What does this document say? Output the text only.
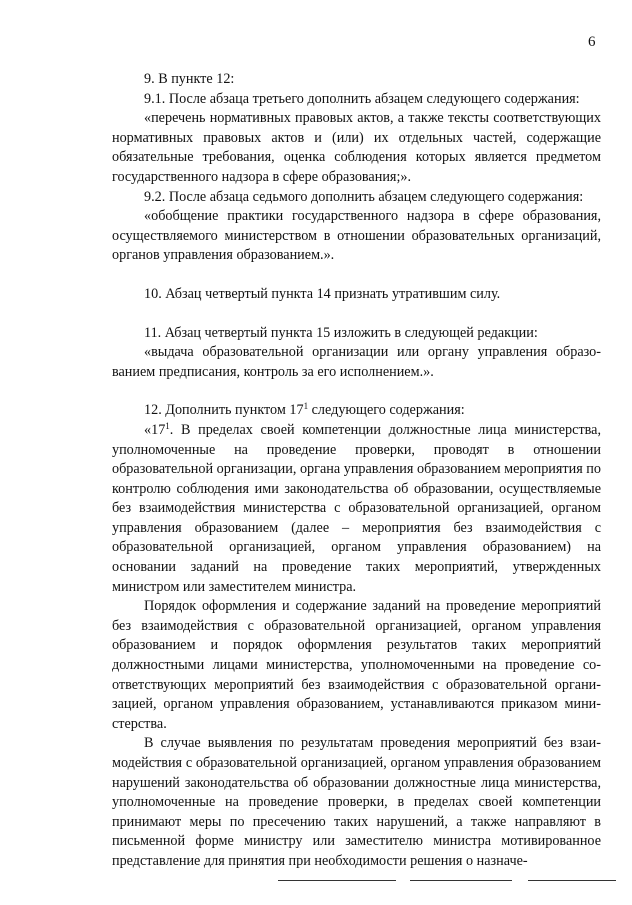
6

9. В пункте 12:

9.1. После абзаца третьего дополнить абзацем следующего содержания:

«перечень нормативных правовых актов, а также тексты соответствующих нормативных правовых актов и (или) их отдельных частей, содержащие обязательные требования, оценка соблюдения которых является предметом государственного надзора в сфере образования;».

9.2. После абзаца седьмого дополнить абзацем следующего содержания:

«обобщение практики государственного надзора в сфере образования, осуществляемого министерством в отношении образовательных организаций, органов управления образованием.».

10. Абзац четвертый пункта 14 признать утратившим силу.

11. Абзац четвертый пункта 15 изложить в следующей редакции:

«выдача образовательной организации или органу управления образованием предписания, контроль за его исполнением.».

12. Дополнить пунктом $17^1$ следующего содержания:

«$17^1$. В пределах своей компетенции должностные лица министерства, уполномоченные на проведение проверки, проводят в отношении образовательной организации, органа управления образованием мероприятия по контролю соблюдения ими законодательства об образовании, осуществляемые без взаимодействия министерства с образовательной организацией, органом управления образованием (далее – мероприятия без взаимодействия с образовательной организацией, органом управления образованием) на основании заданий на проведение таких мероприятий, утвержденных министром или заместителем министра.

Порядок оформления и содержание заданий на проведение мероприятий без взаимодействия с образовательной организацией, органом управления образованием и порядок оформления результатов таких мероприятий должностными лицами министерства, уполномоченными на проведение соответствующих мероприятий без взаимодействия с образовательной организацией, органом управления образованием, устанавливаются приказом министерства.

В случае выявления по результатам проведения мероприятий без взаимодействия с образовательной организацией, органом управления образованием нарушений законодательства об образовании должностные лица министерства, уполномоченные на проведение проверки, в пределах своей компетенции принимают меры по пресечению таких нарушений, а также направляют в письменной форме министру или заместителю министра мотивированное представление для принятия при необходимости решения о назначе-
